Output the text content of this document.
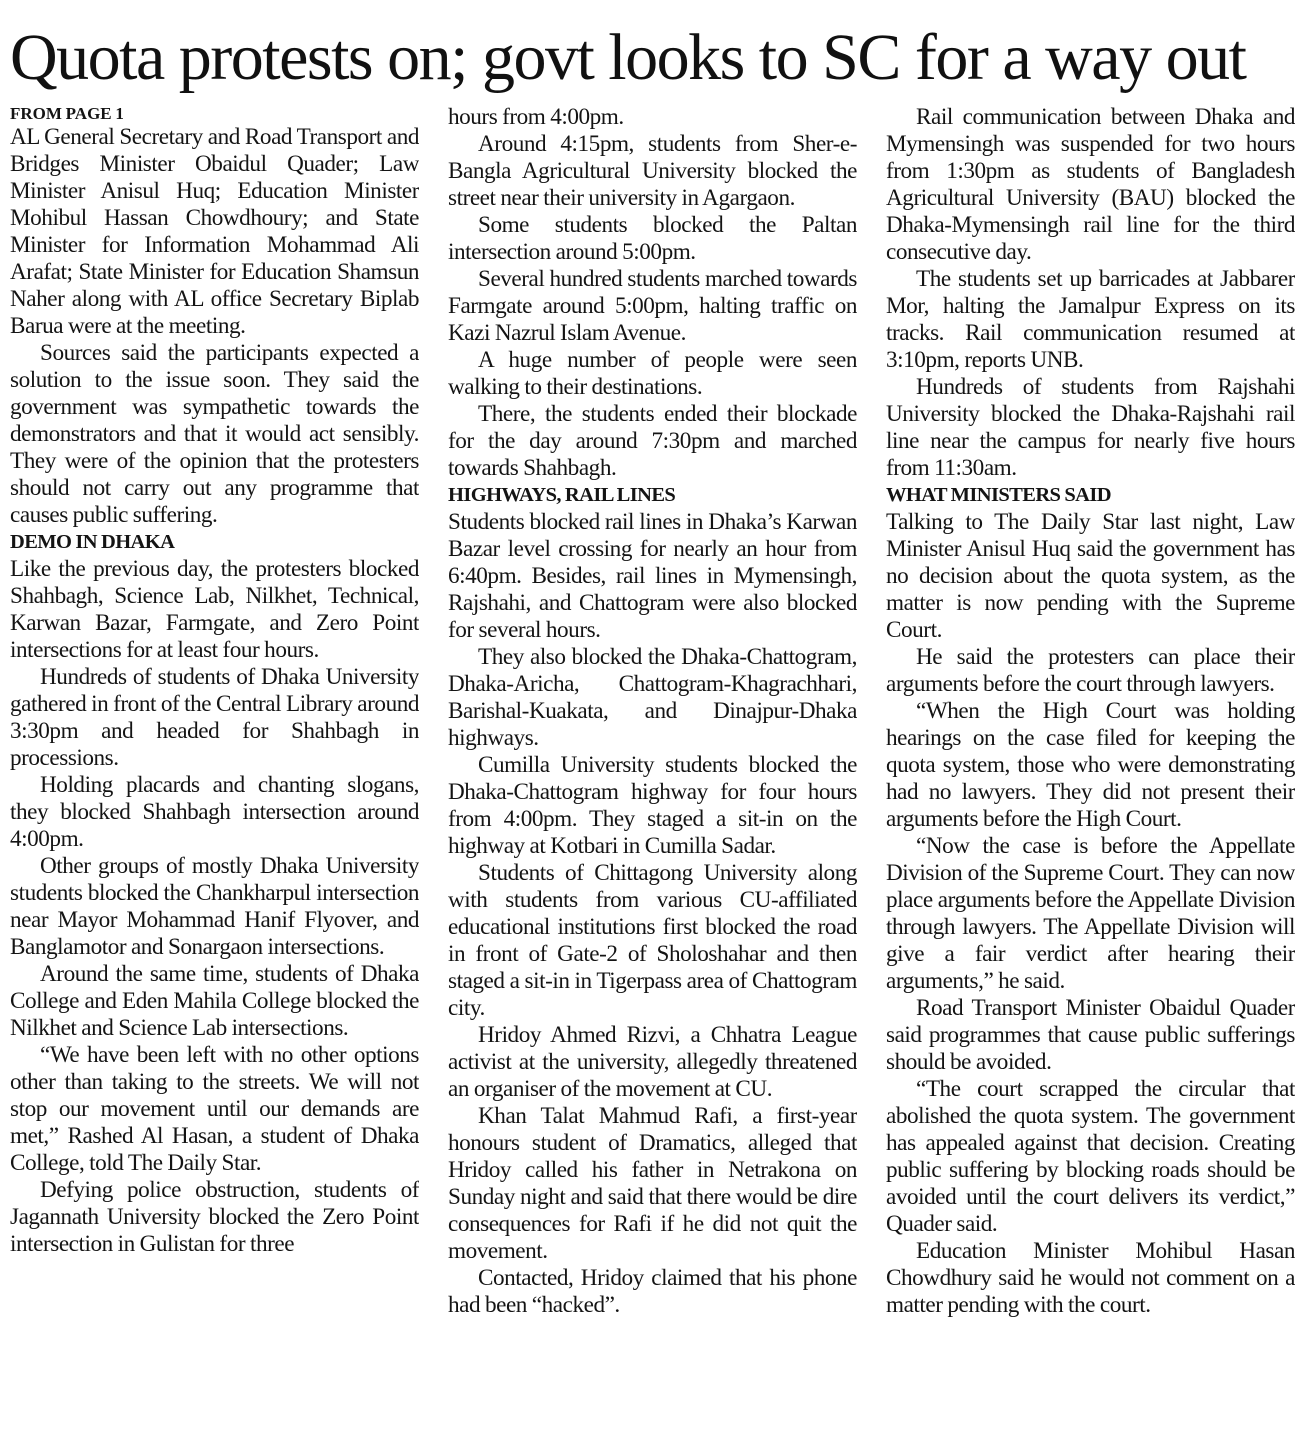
Quota protests on; govt looks to SC for a way out
FROM PAGE 1

AL General Secretary and Road Transport and Bridges Minister Obaidul Quader; Law Minister Anisul Huq; Education Minister Mohibul Hassan Chowdhoury; and State Minister for Information Mohammad Ali Arafat; State Minister for Education Shamsun Naher along with AL office Secretary Biplab Barua were at the meeting.

Sources said the participants expected a solution to the issue soon. They said the government was sympathetic towards the demonstrators and that it would act sensibly. They were of the opinion that the protesters should not carry out any programme that causes public suffering.

DEMO IN DHAKA

Like the previous day, the protesters blocked Shahbagh, Science Lab, Nilkhet, Technical, Karwan Bazar, Farmgate, and Zero Point intersections for at least four hours.

Hundreds of students of Dhaka University gathered in front of the Central Library around 3:30pm and headed for Shahbagh in processions.

Holding placards and chanting slogans, they blocked Shahbagh intersection around 4:00pm.

Other groups of mostly Dhaka University students blocked the Chankharpul intersection near Mayor Mohammad Hanif Flyover, and Banglamotor and Sonargaon intersections.

Around the same time, students of Dhaka College and Eden Mahila College blocked the Nilkhet and Science Lab intersections.

“We have been left with no other options other than taking to the streets. We will not stop our movement until our demands are met,” Rashed Al Hasan, a student of Dhaka College, told The Daily Star.

Defying police obstruction, students of Jagannath University blocked the Zero Point intersection in Gulistan for three

hours from 4:00pm.

Around 4:15pm, students from Sher-e-Bangla Agricultural University blocked the street near their university in Agargaon.

Some students blocked the Paltan intersection around 5:00pm.

Several hundred students marched towards Farmgate around 5:00pm, halting traffic on Kazi Nazrul Islam Avenue.

A huge number of people were seen walking to their destinations.

There, the students ended their blockade for the day around 7:30pm and marched towards Shahbagh.

HIGHWAYS, RAIL LINES

Students blocked rail lines in Dhaka’s Karwan Bazar level crossing for nearly an hour from 6:40pm. Besides, rail lines in Mymensingh, Rajshahi, and Chattogram were also blocked for several hours.

They also blocked the Dhaka-Chattogram, Dhaka-Aricha, Chattogram-Khagrachhari, Barishal-Kuakata, and Dinajpur-Dhaka highways.

Cumilla University students blocked the Dhaka-Chattogram highway for four hours from 4:00pm. They staged a sit-in on the highway at Kotbari in Cumilla Sadar.

Students of Chittagong University along with students from various CU-affiliated educational institutions first blocked the road in front of Gate-2 of Sholoshahar and then staged a sit-in in Tigerpass area of Chattogram city.

Hridoy Ahmed Rizvi, a Chhatra League activist at the university, allegedly threatened an organiser of the movement at CU.

Khan Talat Mahmud Rafi, a first-year honours student of Dramatics, alleged that Hridoy called his father in Netrakona on Sunday night and said that there would be dire consequences for Rafi if he did not quit the movement.

Contacted, Hridoy claimed that his phone had been “hacked”.

Rail communication between Dhaka and Mymensingh was suspended for two hours from 1:30pm as students of Bangladesh Agricultural University (BAU) blocked the Dhaka-Mymensingh rail line for the third consecutive day.

The students set up barricades at Jabbarer Mor, halting the Jamalpur Express on its tracks. Rail communication resumed at 3:10pm, reports UNB.

Hundreds of students from Rajshahi University blocked the Dhaka-Rajshahi rail line near the campus for nearly five hours from 11:30am.

WHAT MINISTERS SAID

Talking to The Daily Star last night, Law Minister Anisul Huq said the government has no decision about the quota system, as the matter is now pending with the Supreme Court.

He said the protesters can place their arguments before the court through lawyers.

“When the High Court was holding hearings on the case filed for keeping the quota system, those who were demonstrating had no lawyers. They did not present their arguments before the High Court.

“Now the case is before the Appellate Division of the Supreme Court. They can now place arguments before the Appellate Division through lawyers. The Appellate Division will give a fair verdict after hearing their arguments,” he said.

Road Transport Minister Obaidul Quader said programmes that cause public sufferings should be avoided.

“The court scrapped the circular that abolished the quota system. The government has appealed against that decision. Creating public suffering by blocking roads should be avoided until the court delivers its verdict,” Quader said.

Education Minister Mohibul Hasan Chowdhury said he would not comment on a matter pending with the court.
